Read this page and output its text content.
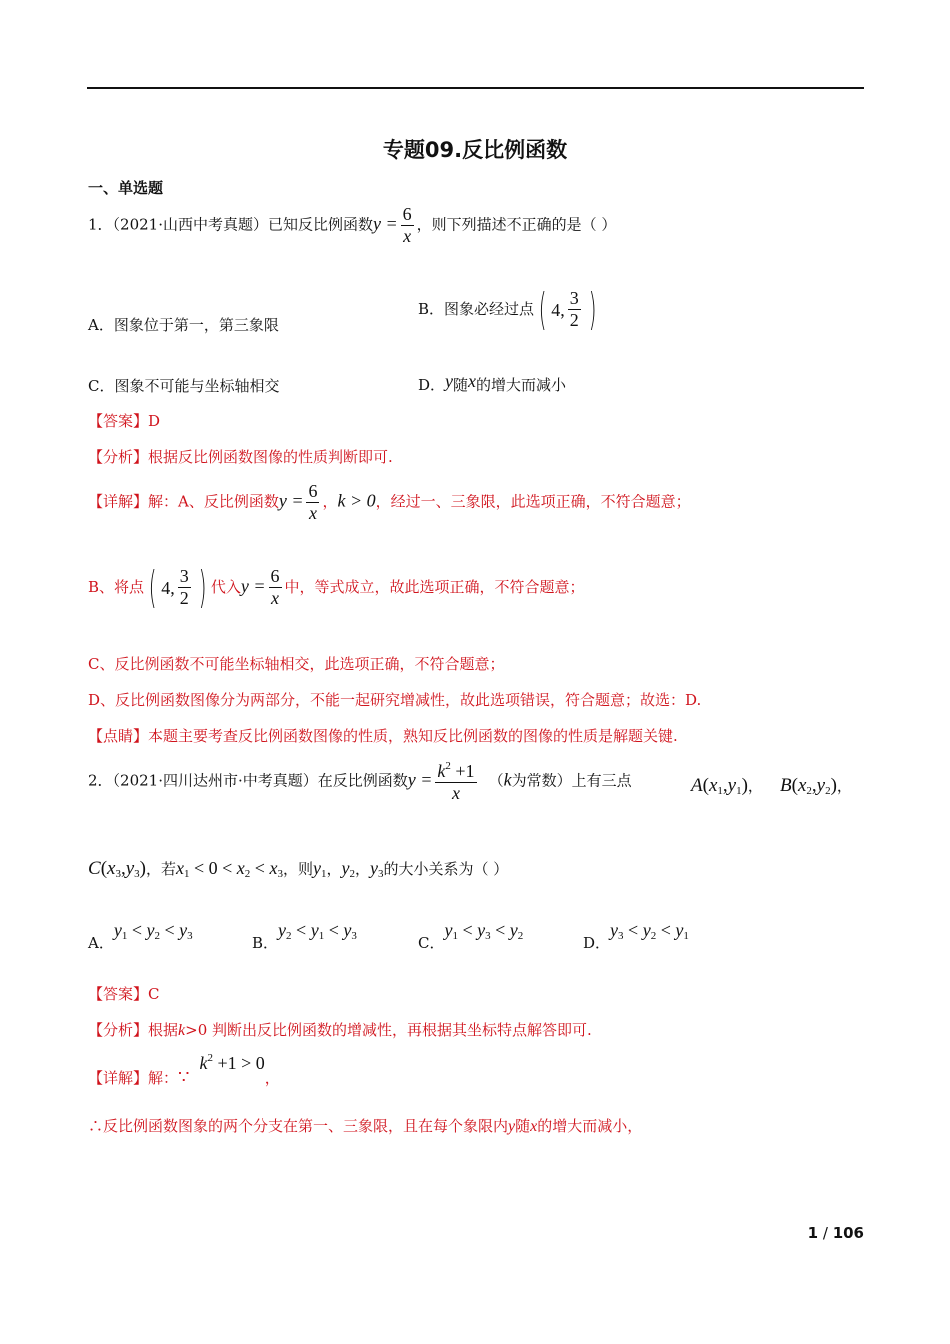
专题09.反比例函数
一、单选题
1．（2021·山西中考真题）已知反比例函数$y = \frac{6}{x}$ ，则下列描述不正确的是（ ）
A．图象位于第一，第三象限
B．图象必经过点 ( 4, $\frac{3}{2}$ )
C．图象不可能与坐标轴相交	D．y随x的增大而减小
【答案】D
【分析】根据反比例函数图像的性质判断即可.
【详解】解：A、反比例函数$y = \frac{6}{x}$ ，k > 0，经过一、三象限，此选项正确，不符合题意；
B、将点 ( 4, $\frac{3}{2}$ ) 代入$y = \frac{6}{x}$ 中，等式成立，故此选项正确，不符合题意；
C、反比例函数不可能坐标轴相交，此选项正确，不符合题意；
D、反比例函数图像分为两部分，不能一起研究增减性，故此选项错误，符合题意；故选：D.
【点睛】本题主要考查反比例函数图像的性质，熟知反比例函数的图像的性质是解题关键.
2．（2021·四川达州市·中考真题）在反比例函数$y = \frac{k^2 +1}{x} (k$为常数）上有三点	$A(x_1,y_1)$， $B(x_2,y_2)$，
$C(x_3,y_3)$，若$x_1 < 0 < x_2 < x_3$，则$y_1$，$y_2$，$y_3$的大小关系为（ ）
A．$y_1 < y_2 < y_3$	B．$y_2 < y_1 < y_3$	C．$y_1 < y_3 < y_2$	D．$y_3 < y_2 < y_1$
【答案】C
【分析】根据k>0 判断出反比例函数的增减性，再根据其坐标特点解答即可.
【详解】解：$\because k^2 +1 > 0$，
∴反比例函数图象的两个分支在第一、三象限，且在每个象限内y随x的增大而减小，
1 / 106
